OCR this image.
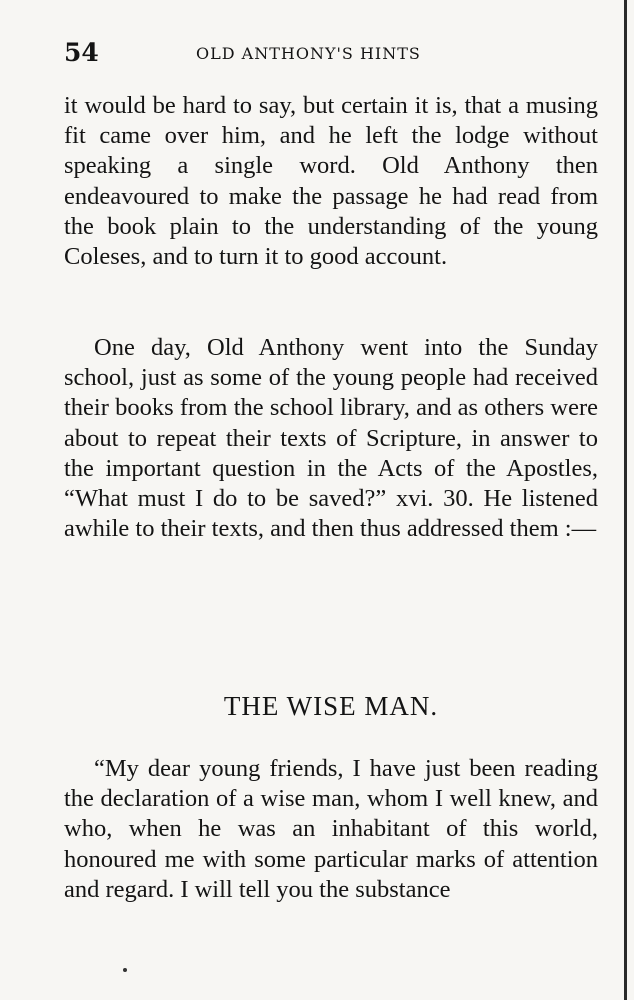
54	OLD ANTHONY'S HINTS

it would be hard to say, but certain it is, that a musing fit came over him, and he left the lodge without speaking a single word. Old Anthony then endeavoured to make the passage he had read from the book plain to the understanding of the young Coleses, and to turn it to good account.

One day, Old Anthony went into the Sunday school, just as some of the young people had received their books from the school library, and as others were about to repeat their texts of Scripture, in answer to the important question in the Acts of the Apostles, “What must I do to be saved?” xvi. 30. He listened awhile to their texts, and then thus addressed them :—

THE WISE MAN.

“My dear young friends, I have just been reading the declaration of a wise man, whom I well knew, and who, when he was an inhabitant of this world, honoured me with some particular marks of attention and regard. I will tell you the substance
